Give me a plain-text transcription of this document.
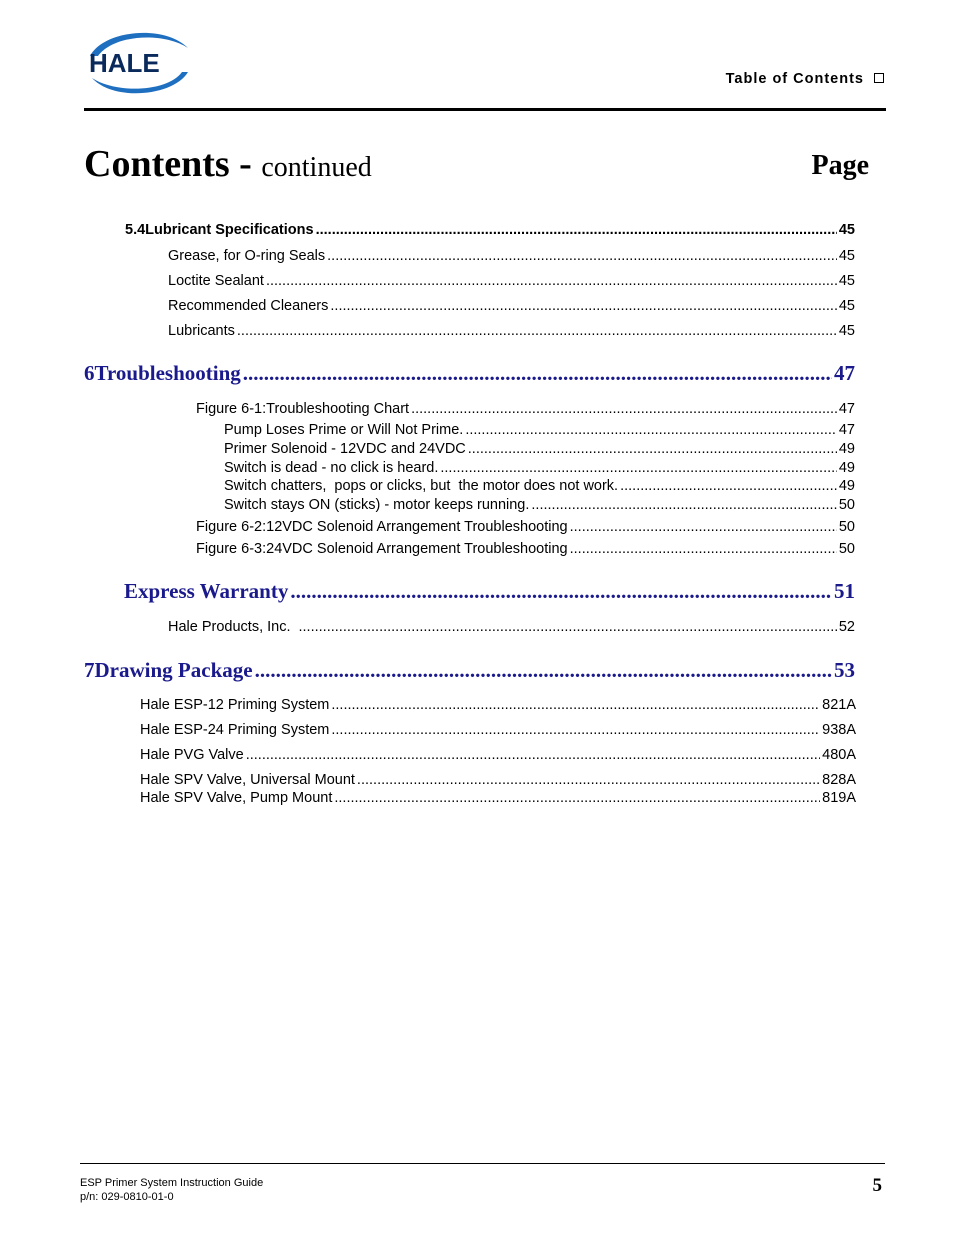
HALE
Table of Contents
Contents - continued	Page
5.4 Lubricant Specifications .....	45
Grease, for O-ring Seals .....	45
Loctite Sealant .....	45
Recommended Cleaners .....	45
Lubricants .....	45
6 Troubleshooting .....	47
Figure 6-1: Troubleshooting Chart .....	47
Pump Loses Prime or Will Not Prime. .....	47
Primer Solenoid - 12VDC and 24VDC .....	49
Switch is dead - no click is heard. .....	49
Switch chatters,  pops or clicks, but  the motor does not work. .....	49
Switch stays ON (sticks) - motor keeps running. .....	50
Figure 6-2: 12VDC Solenoid Arrangement Troubleshooting .....	50
Figure 6-3: 24VDC Solenoid Arrangement Troubleshooting .....	50
Express Warranty .....	51
Hale Products, Inc. .....	52
7 Drawing Package .....	53
Hale ESP-12 Priming System .....	821A
Hale ESP-24 Priming System .....	938A
Hale PVG Valve .....	480A
Hale SPV Valve, Universal Mount .....	828A
Hale SPV Valve, Pump Mount .....	819A
ESP Primer System Instruction Guide
p/n: 029-0810-01-0
5
